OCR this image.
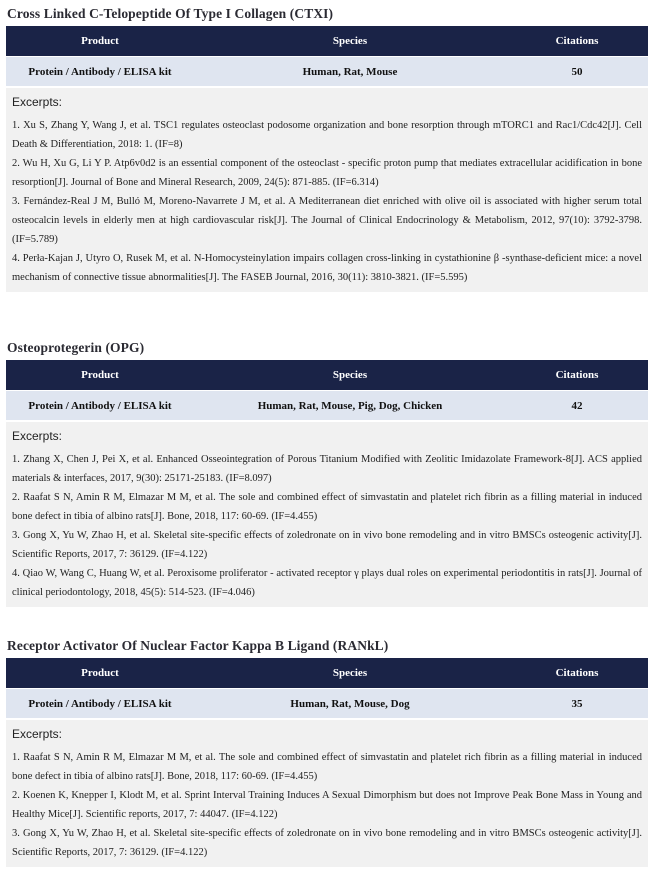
Cross Linked C-Telopeptide Of Type I Collagen (CTXI)
Product	Species	Citations
Protein / Antibody / ELISA kit	Human, Rat, Mouse	50
Excerpts:
1. Xu S, Zhang Y, Wang J, et al. TSC1 regulates osteoclast podosome organization and bone resorption through mTORC1 and Rac1/Cdc42[J]. Cell Death & Differentiation, 2018: 1. (IF=8)
2. Wu H, Xu G, Li Y P. Atp6v0d2 is an essential component of the osteoclast - specific proton pump that mediates extracellular acidification in bone resorption[J]. Journal of Bone and Mineral Research, 2009, 24(5): 871-885. (IF=6.314)
3. Fernández-Real J M, Bulló M, Moreno-Navarrete J M, et al. A Mediterranean diet enriched with olive oil is associated with higher serum total osteocalcin levels in elderly men at high cardiovascular risk[J]. The Journal of Clinical Endocrinology & Metabolism, 2012, 97(10): 3792-3798. (IF=5.789)
4. Perła-Kajan J, Utyro O, Rusek M, et al. N-Homocysteinylation impairs collagen cross-linking in cystathionine β -synthase-deficient mice: a novel mechanism of connective tissue abnormalities[J]. The FASEB Journal, 2016, 30(11): 3810-3821. (IF=5.595)
Osteoprotegerin (OPG)
Product	Species	Citations
Protein / Antibody / ELISA kit	Human, Rat, Mouse, Pig, Dog, Chicken	42
Excerpts:
1. Zhang X, Chen J, Pei X, et al. Enhanced Osseointegration of Porous Titanium Modified with Zeolitic Imidazolate Framework-8[J]. ACS applied materials & interfaces, 2017, 9(30): 25171-25183. (IF=8.097)
2. Raafat S N, Amin R M, Elmazar M M, et al. The sole and combined effect of simvastatin and platelet rich fibrin as a filling material in induced bone defect in tibia of albino rats[J]. Bone, 2018, 117: 60-69. (IF=4.455)
3. Gong X, Yu W, Zhao H, et al. Skeletal site-specific effects of zoledronate on in vivo bone remodeling and in vitro BMSCs osteogenic activity[J]. Scientific Reports, 2017, 7: 36129. (IF=4.122)
4. Qiao W, Wang C, Huang W, et al. Peroxisome proliferator - activated receptor γ plays dual roles on experimental periodontitis in rats[J]. Journal of clinical periodontology, 2018, 45(5): 514-523. (IF=4.046)
Receptor Activator Of Nuclear Factor Kappa B Ligand (RANkL)
Product	Species	Citations
Protein / Antibody / ELISA kit	Human, Rat, Mouse, Dog	35
Excerpts:
1. Raafat S N, Amin R M, Elmazar M M, et al. The sole and combined effect of simvastatin and platelet rich fibrin as a filling material in induced bone defect in tibia of albino rats[J]. Bone, 2018, 117: 60-69. (IF=4.455)
2. Koenen K, Knepper I, Klodt M, et al. Sprint Interval Training Induces A Sexual Dimorphism but does not Improve Peak Bone Mass in Young and Healthy Mice[J]. Scientific reports, 2017, 7: 44047. (IF=4.122)
3. Gong X, Yu W, Zhao H, et al. Skeletal site-specific effects of zoledronate on in vivo bone remodeling and in vitro BMSCs osteogenic activity[J]. Scientific Reports, 2017, 7: 36129. (IF=4.122)
